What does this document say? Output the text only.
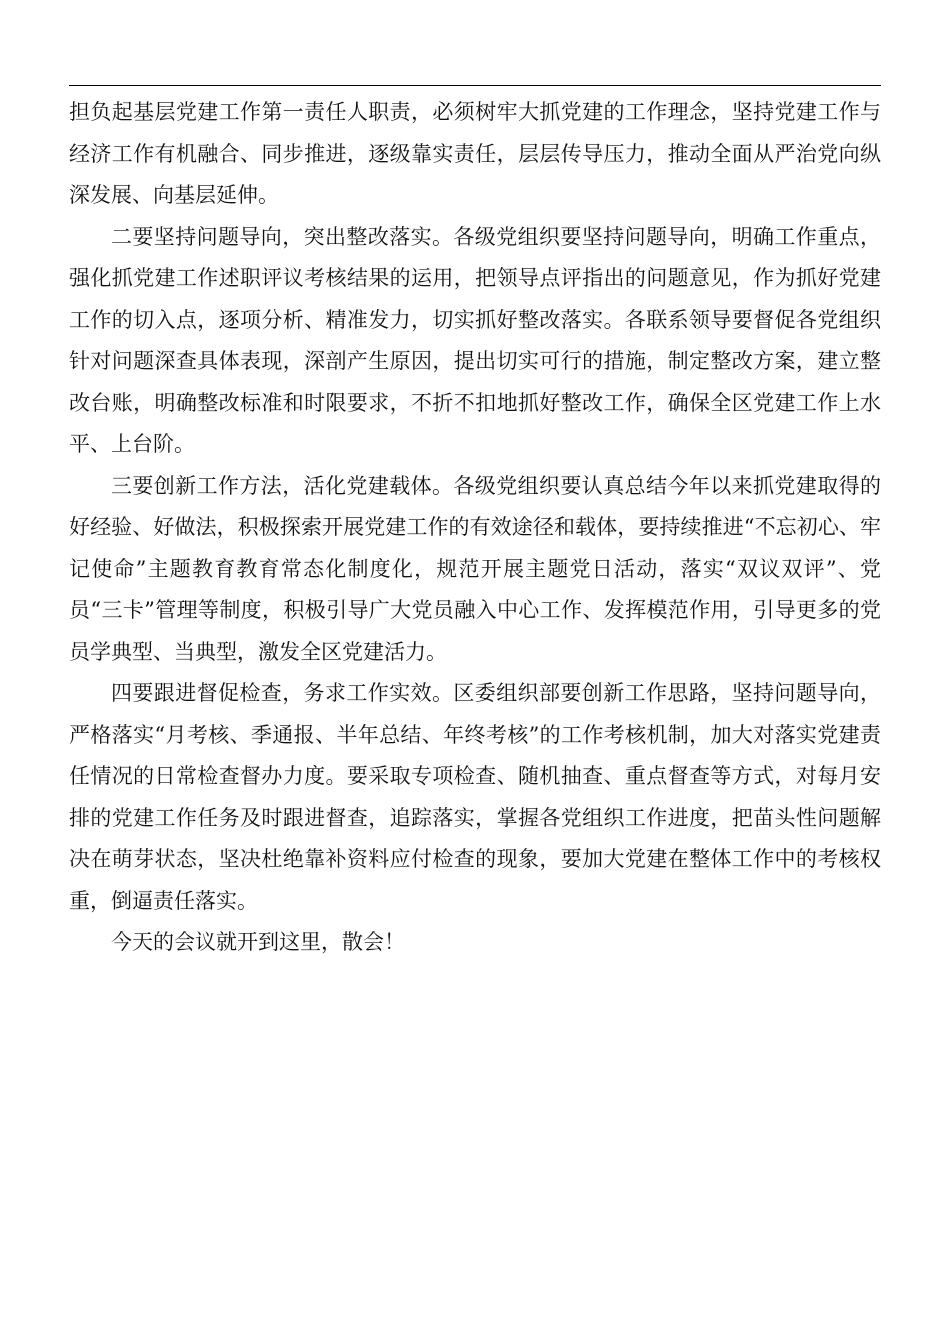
担负起基层党建工作第一责任人职责，必须树牢大抓党建的工作理念，坚持党建工作与经济工作有机融合、同步推进，逐级靠实责任，层层传导压力，推动全面从严治党向纵深发展、向基层延伸。

二要坚持问题导向，突出整改落实。各级党组织要坚持问题导向，明确工作重点，强化抓党建工作述职评议考核结果的运用，把领导点评指出的问题意见，作为抓好党建工作的切入点，逐项分析、精准发力，切实抓好整改落实。各联系领导要督促各党组织针对问题深查具体表现，深剖产生原因，提出切实可行的措施，制定整改方案，建立整改台账，明确整改标准和时限要求，不折不扣地抓好整改工作，确保全区党建工作上水平、上台阶。

三要创新工作方法，活化党建载体。各级党组织要认真总结今年以来抓党建取得的好经验、好做法，积极探索开展党建工作的有效途径和载体，要持续推进“不忘初心、牢记使命”主题教育教育常态化制度化，规范开展主题党日活动，落实“双议双评”、党员“三卡”管理等制度，积极引导广大党员融入中心工作、发挥模范作用，引导更多的党员学典型、当典型，激发全区党建活力。

四要跟进督促检查，务求工作实效。区委组织部要创新工作思路，坚持问题导向，严格落实“月考核、季通报、半年总结、年终考核”的工作考核机制，加大对落实党建责任情况的日常检查督办力度。要采取专项检查、随机抽查、重点督查等方式，对每月安排的党建工作任务及时跟进督查，追踪落实，掌握各党组织工作进度，把苗头性问题解决在萌芽状态，坚决杜绝靠补资料应付检查的现象，要加大党建在整体工作中的考核权重，倒逼责任落实。

今天的会议就开到这里，散会！
